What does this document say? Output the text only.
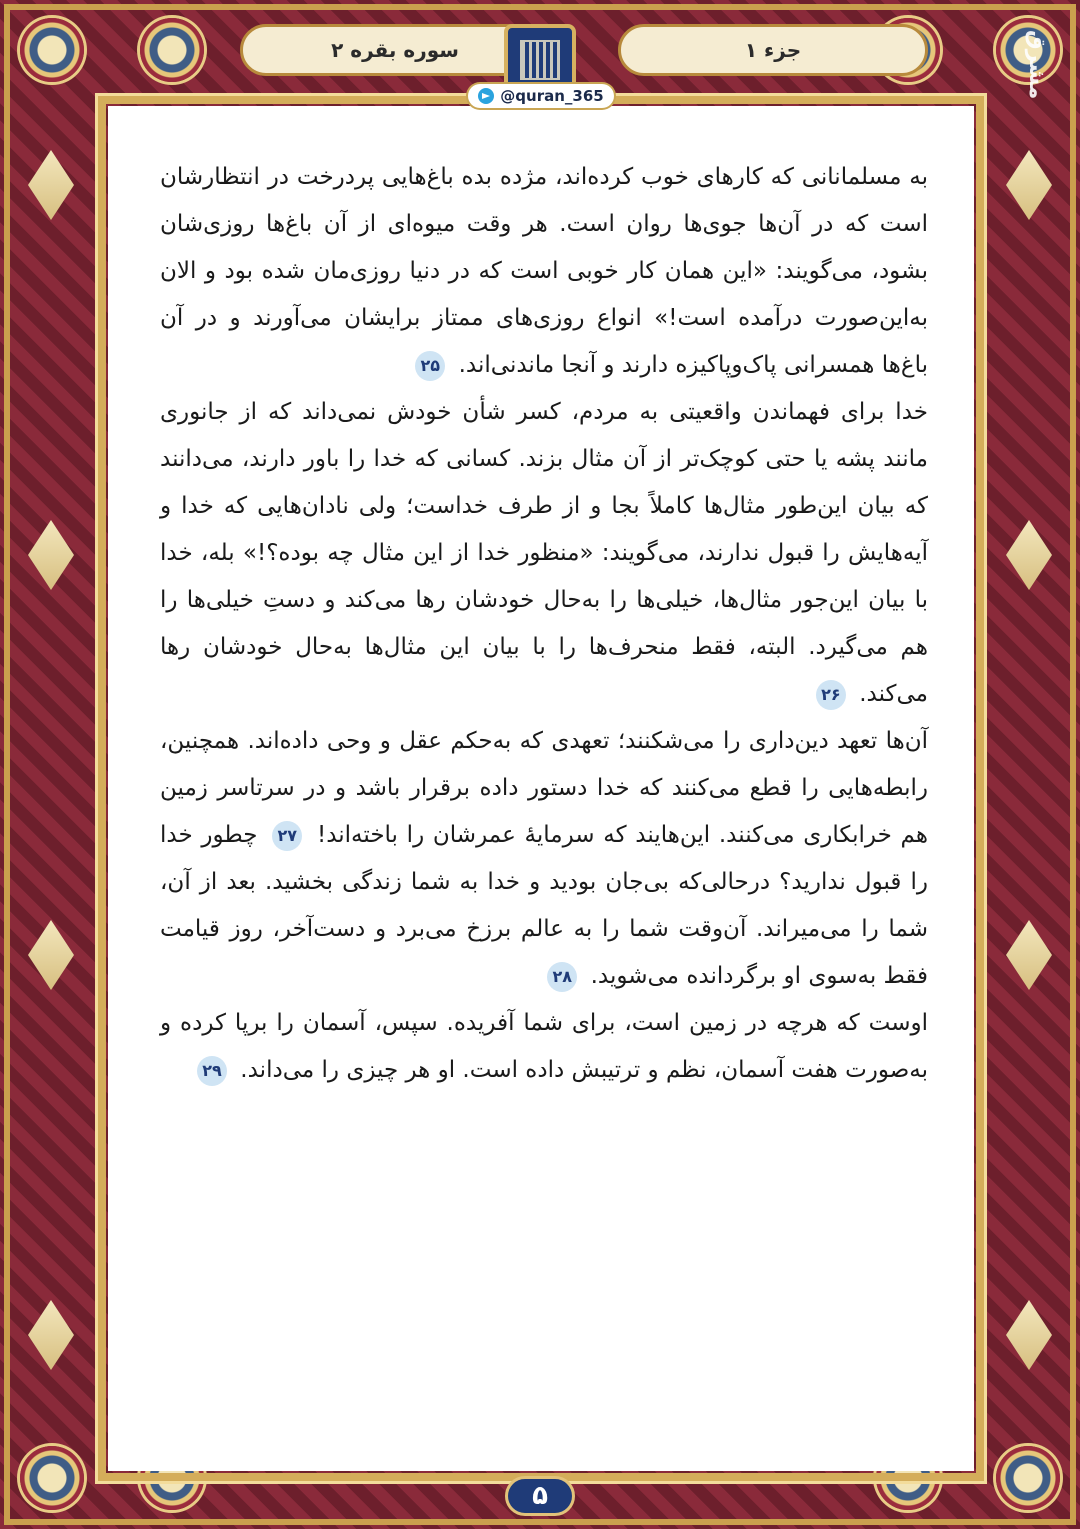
سوره بقره ۲	جزء ۱	مشرق

به مسلمانانی که کارهای خوب کرده‌اند، مژده بده باغ‌هایی پردرخت در انتظارشان است که در آن‌ها جوی‌ها روان است. هر وقت میوه‌ای از آن باغ‌ها روزی‌شان بشود، می‌گویند: «این همان کار خوبی است که در دنیا روزی‌مان شده بود و الان به‌این‌صورت درآمده است!» انواع روزی‌های ممتاز برایشان می‌آورند و در آن باغ‌ها همسرانی پاک‌وپاکیزه دارند و آنجا ماندنی‌اند. ۲۵

خدا برای فهماندن واقعیتی به مردم، کسر شأن خودش نمی‌داند که از جانوری مانند پشه یا حتی کوچک‌تر از آن مثال بزند. کسانی که خدا را باور دارند، می‌دانند که بیان این‌طور مثال‌ها کاملاً بجا و از طرف خداست؛ ولی نادان‌هایی که خدا و آیه‌هایش را قبول ندارند، می‌گویند: «منظور خدا از این مثال چه بوده؟!» بله، خدا با بیان این‌جور مثال‌ها، خیلی‌ها را به‌حال خودشان رها می‌کند و دستِ خیلی‌ها را هم می‌گیرد. البته، فقط منحرف‌ها را با بیان این مثال‌ها به‌حال خودشان رها می‌کند. ۲۶

آن‌ها تعهد دین‌داری را می‌شکنند؛ تعهدی که به‌حکم عقل و وحی داده‌اند. همچنین، رابطه‌هایی را قطع می‌کنند که خدا دستور داده برقرار باشد و در سرتاسر زمین هم خرابکاری می‌کنند. این‌هایند که سرمایهٔ عمرشان را باخته‌اند! ۲۷ چطور خدا را قبول ندارید؟ درحالی‌که بی‌جان بودید و خدا به شما زندگی بخشید. بعد از آن، شما را می‌میراند. آن‌وقت شما را به عالم برزخ می‌برد و دست‌آخر، روز قیامت فقط به‌سوی او برگردانده می‌شوید. ۲۸

اوست که هرچه در زمین است، برای شما آفریده. سپس، آسمان را برپا کرده و به‌صورت هفت آسمان، نظم و ترتیبش داده است. او هر چیزی را می‌داند. ۲۹

@quran_365
۵
